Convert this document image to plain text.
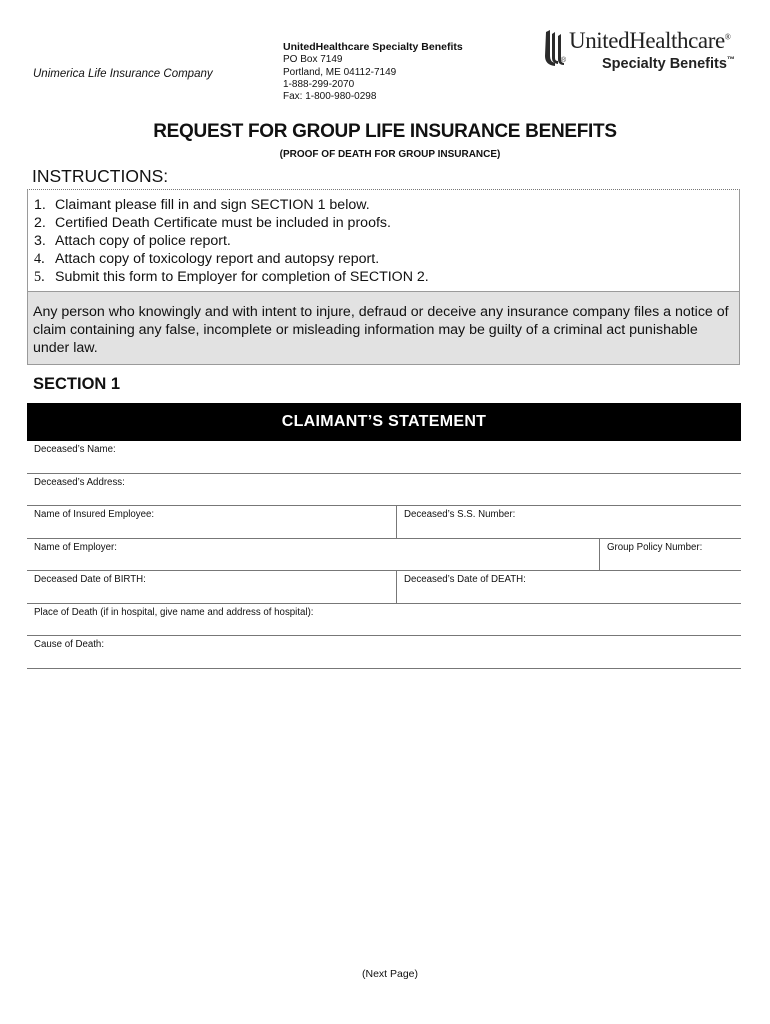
Unimerica Life Insurance Company
UnitedHealthcare Specialty Benefits
PO Box 7149
Portland, ME 04112-7149
1-888-299-2070
Fax: 1-800-980-0298
®
UnitedHealthcare®
Specialty Benefits™
REQUEST FOR GROUP LIFE INSURANCE BENEFITS
(PROOF OF DEATH FOR GROUP INSURANCE)
INSTRUCTIONS:
1. Claimant please fill in and sign SECTION 1 below.
2. Certified Death Certificate must be included in proofs.
3. Attach copy of police report.
4. Attach copy of toxicology report and autopsy report.
5. Submit this form to Employer for completion of SECTION 2.
Any person who knowingly and with intent to injure, defraud or deceive any insurance company files a notice of claim containing any false, incomplete or misleading information may be guilty of a criminal act punishable under law.
SECTION 1
CLAIMANT’S STATEMENT
Deceased’s Name:
Deceased’s Address:
Name of Insured Employee:	Deceased’s S.S. Number:
Name of Employer:	Group Policy Number:
Deceased Date of BIRTH:	Deceased’s Date of DEATH:
Place of Death (if in hospital, give name and address of hospital):
Cause of Death:
(Next Page)
